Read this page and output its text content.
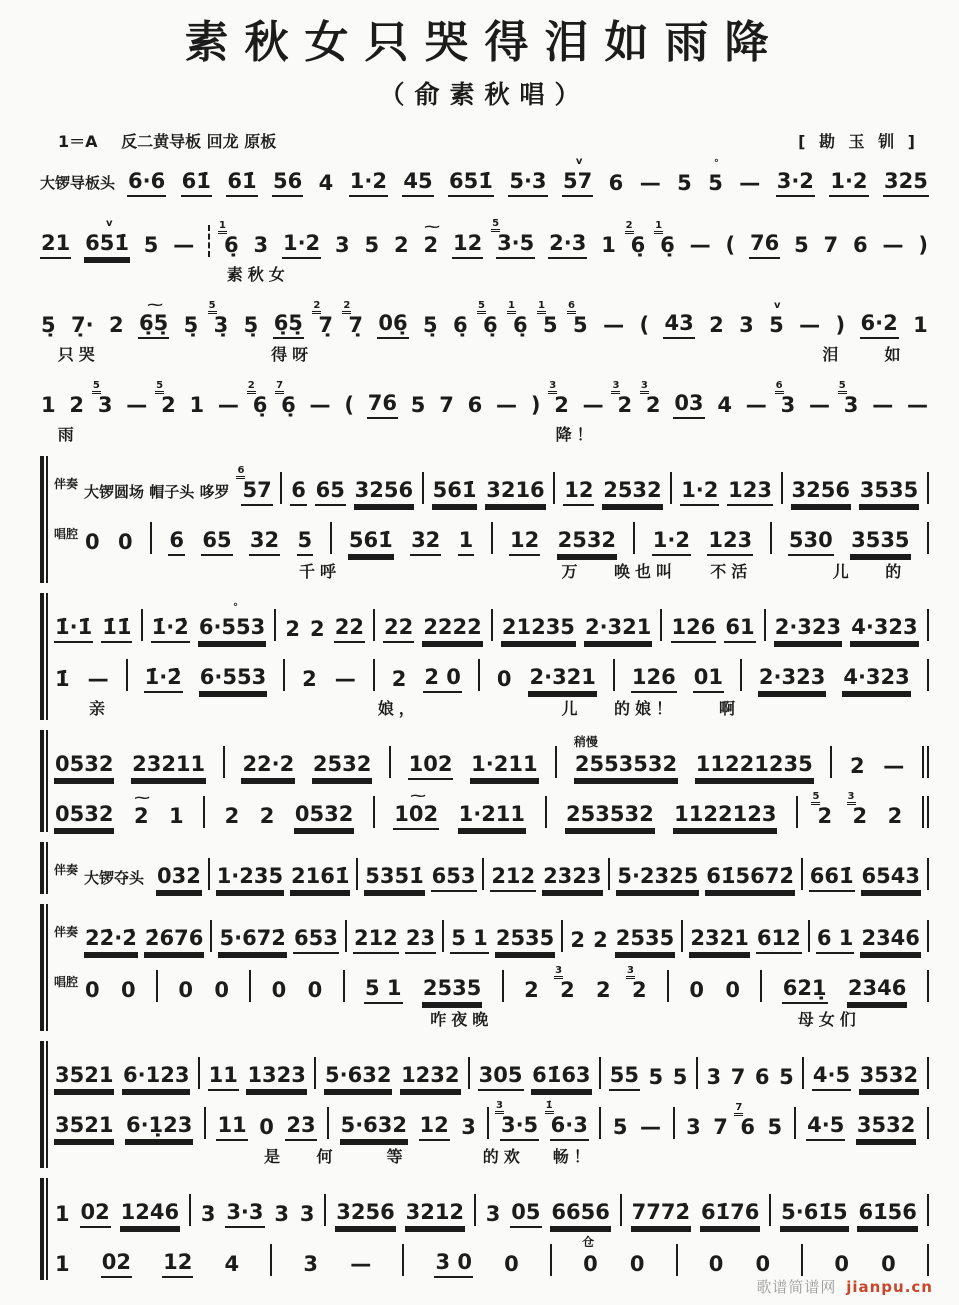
素秋女只哭得泪如雨降
（俞素秋唱）
1＝A 反二黄导板 回龙 原板	[ 勘 玉 钏 ]
大锣导板头 6·6 61̇ 61̇ 56 4 1·2 45 651̇ 5·3 57
v
6 — 5 5
°
— 3·2 1·2 325
21 651̇
v
5 — 6̣
1
3 1·2 3 5 2 2
~
12 3·5
5
2·3 1 6̣
2
6̣
1
— ( 76 5 7 6 — )
素秋女
5̣ 7̣· 2 6̣5̣
~
5̣ 3̣
5
5̣ 6̣5̣ 7̣
2
7̣
2
06̣ 5̣ 6̣ 6̣
5
6̣
1
5
1
5
6
— ( 43 2 3 5
v
— ) 6·2 1
只哭	得呀	泪	如
1 2 3
5
— 2
5
1 — 6̣
2
6̣
7
— ( 76 5 7 6 — ) 2
3
— 2
3
2
3
03 4 — 3
6
— 3
5
— —
雨	降！
伴奏 大锣圆场 帽子头 哆罗 57
6
6 65 3256 561̇ 3216 12 2532 1·2 123 3256 3535
唱腔 0 0 6 65 32 5 561̇ 32 1 12 2532 1·2 123 530 3535
千呼	万 唤也叫 不活	儿 的
1̇·1̇ 1̇1̇ 1̇·2̇ 6·553
°
2 2 22 22 2222 21235 2·321 126 61 2·323 4·323
1̇ — 1̇·2̇ 6·553 2 — 2 2 0 0 2·321 126 01 2·323 4·323
亲	娘，	儿 的娘！	啊
0532 23211 22·2 2532 102 1·211 2553532
稍慢
11221235 2 —
0532 2
~
1 2 2 0532 102
~
1·211 253532 1122123 2
5
2
3
2
伴奏 大锣夺头 032 1·235 2161̇ 5351̇ 653 212 2323 5·2325 61̇5672̇ 661̇ 6543
伴奏 22̇·2̇ 2̇676 5·672̇ 653 212 23 5 1 2535 2 2 2535 2321 612 6 1 2346
唱腔 0 0 0 0 0 0 5 1 2535 2 2
3
2 2
3
0 0 621̣ 2346
咋夜晚	母女们
3521 6·123 11 1323 5·632 1232 305 61̇63 55 5 5 3 7 6 5 4·5 3532
3521 6·1̣23 11 0 23 5·632 12 3 3·5
3
6·3
1̇
5 — 3 7 6
7
5 4·5 3532
是 何	等	的欢 畅！
1 02 1246 3 3·3 3 3 3256 3212 3 05 6656 7772̇ 61̇76 5·61̇5 61̇56
1 02 12 4	3 —	3 0 0	0
仓
0	0 0	0 0
歌谱简谱网 jianpu.cn
